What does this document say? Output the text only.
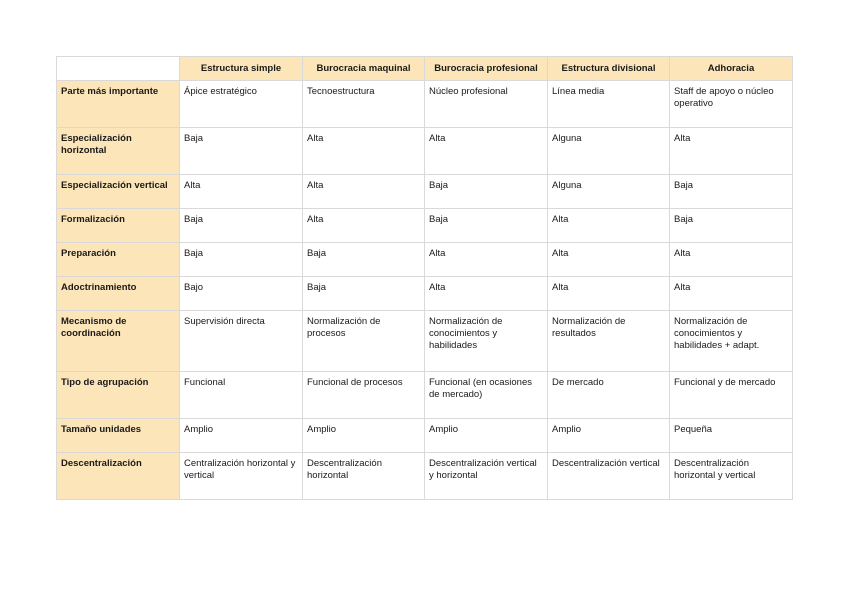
	Estructura simple	Burocracia maquinal	Burocracia profesional	Estructura divisional	Adhoracia
Parte más importante	Ápice estratégico	Tecnoestructura	Núcleo profesional	Línea media	Staff de apoyo o núcleo operativo
Especialización horizontal	Baja	Alta	Alta	Alguna	Alta
Especialización vertical	Alta	Alta	Baja	Alguna	Baja
Formalización	Baja	Alta	Baja	Alta	Baja
Preparación	Baja	Baja	Alta	Alta	Alta
Adoctrinamiento	Bajo	Baja	Alta	Alta	Alta
Mecanismo de coordinación	Supervisión directa	Normalización de procesos	Normalización de conocimientos y habilidades	Normalización de resultados	Normalización de conocimientos y habilidades + adapt.
Tipo de agrupación	Funcional	Funcional de procesos	Funcional (en ocasiones de mercado)	De mercado	Funcional y de mercado
Tamaño unidades	Amplio	Amplio	Amplio	Amplio	Pequeña
Descentralización	Centralización horizontal y vertical	Descentralización horizontal	Descentralización vertical y horizontal	Descentralización vertical	Descentralización horizontal y vertical
